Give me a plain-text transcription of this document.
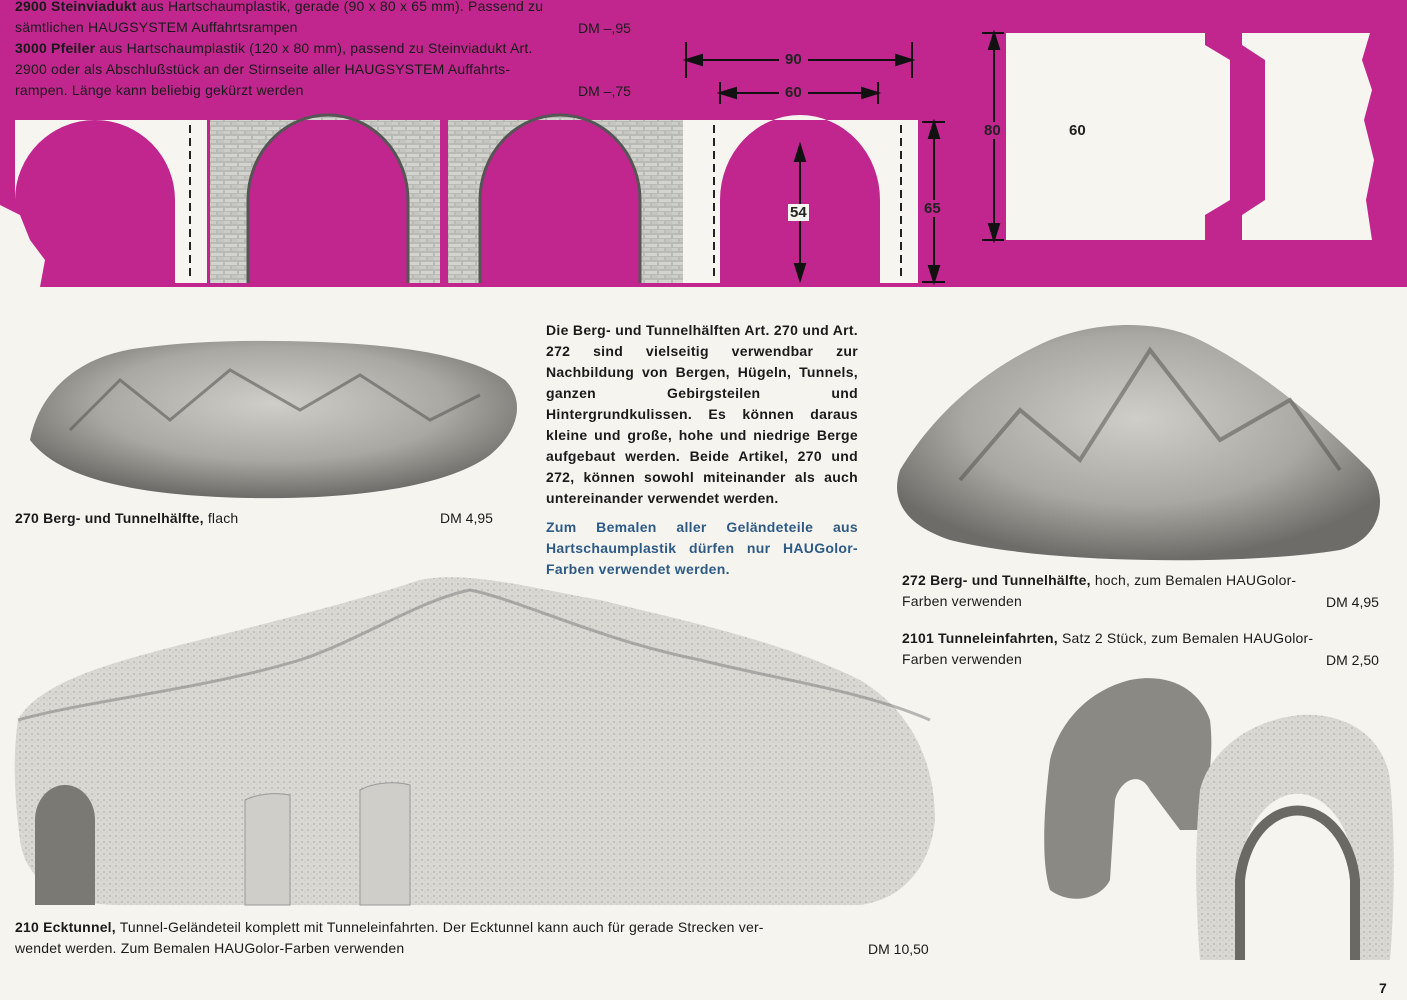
2900 Steinviadukt aus Hartschaumplastik, gerade (90 x 80 x 65 mm). Passend zu
sämtlichen HAUGSYSTEM Auffahrtsrampen	DM –,95
3000 Pfeiler aus Hartschaumplastik (120 x 80 mm), passend zu Steinviadukt Art.
2900 oder als Abschlußstück an der Stirnseite aller HAUGSYSTEM Auffahrts-
rampen. Länge kann beliebig gekürzt werden	DM –,75
90
60
54	65
80	60
270 Berg- und Tunnelhälfte, flach	DM 4,95
Die Berg- und Tunnelhälften Art. 270 und Art. 272 sind vielseitig verwendbar zur Nachbildung von Bergen, Hügeln, Tunnels, ganzen Gebirgsteilen und Hintergrundkulissen. Es können daraus kleine und große, hohe und niedrige Berge aufgebaut werden. Beide Artikel, 270 und 272, können sowohl miteinander als auch untereinander verwendet werden.
Zum Bemalen aller Geländeteile aus Hartschaumplastik dürfen nur HAUGolor-Farben verwendet werden.
272 Berg- und Tunnelhälfte, hoch, zum Bemalen HAUGolor-
Farben verwenden	DM 4,95
2101 Tunneleinfahrten, Satz 2 Stück, zum Bemalen HAUGolor-
Farben verwenden	DM 2,50
210 Ecktunnel, Tunnel-Geländeteil komplett mit Tunneleinfahrten. Der Ecktunnel kann auch für gerade Strecken ver-
wendet werden. Zum Bemalen HAUGolor-Farben verwenden	DM 10,50
7
